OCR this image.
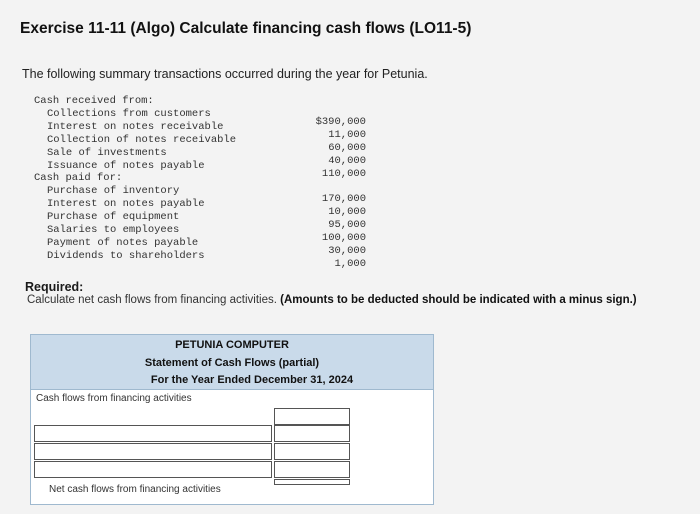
Exercise 11-11 (Algo) Calculate financing cash flows (LO11-5)
The following summary transactions occurred during the year for Petunia.
Cash received from:
Collections from customers
Interest on notes receivable
Collection of notes receivable
Sale of investments
Issuance of notes payable
Cash paid for:
Purchase of inventory
Interest on notes payable
Purchase of equipment
Salaries to employees
Payment of notes payable
Dividends to shareholders
$390,000
11,000
60,000
40,000
110,000
170,000
10,000
95,000
100,000
30,000
1,000
Required:
Calculate net cash flows from financing activities. (Amounts to be deducted should be indicated with a minus sign.)
PETUNIA COMPUTER
Statement of Cash Flows (partial)
For the Year Ended December 31, 2024
Cash flows from financing activities
Net cash flows from financing activities
